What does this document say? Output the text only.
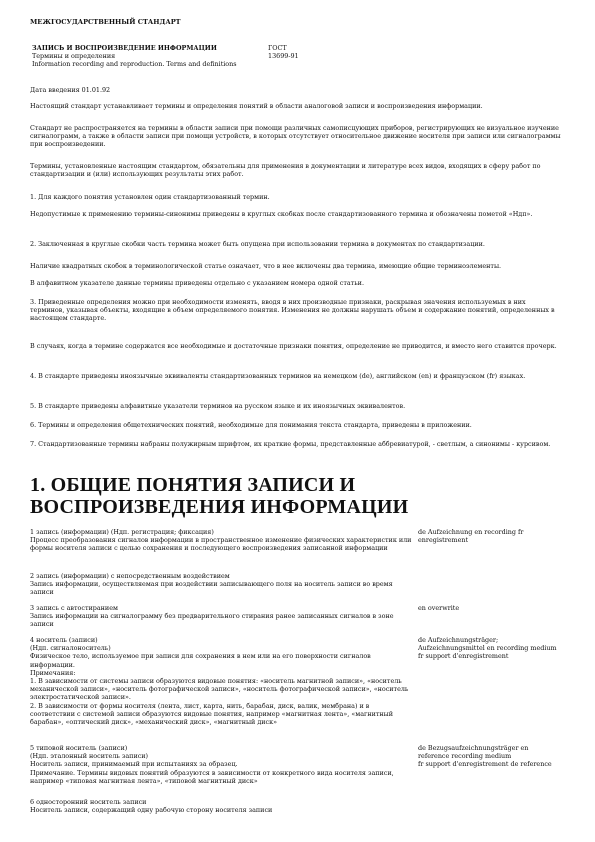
МЕЖГОСУДАРСТВЕННЫЙ СТАНДАРТ
ЗАПИСЬ И ВОСПРОИЗВЕДЕНИЕ ИНФОРМАЦИИ
Термины и определения
Information recording and reproduction. Terms and definitions
ГОСТ
13699-91
Дата введения 01.01.92
Настоящий стандарт устанавливает термины и определения понятий в области аналоговой записи и воспроизведения информации.
Стандарт не распространяется на термины в области записи при помощи различных самописцующих приборов, регистрирующих не визуальное изучение сигналограмм, а также в области записи при помощи устройств, в которых отсутствует относительное движение носителя при записи или сигналограммы при воспроизведении.
Термины, установленные настоящим стандартом, обязательны для применения в документации и литературе всех видов, входящих в сферу работ по стандартизации и (или) использующих результаты этих работ.
1. Для каждого понятия установлен один стандартизованный термин.
Недопустимые к применению термины-синонимы приведены в круглых скобках после стандартизованного термина и обозначены пометой «Ндп».
2. Заключенная в круглые скобки часть термина может быть опущена при использовании термина в документах по стандартизации.
Наличие квадратных скобок в терминологической статье означает, что в нее включены два термина, имеющие общие терминоэлементы.
В алфавитном указателе данные термины приведены отдельно с указанием номера одной статьи.
3. Приведенные определения можно при необходимости изменять, вводя в них производные признаки, раскрывая значения используемых в них терминов, указывая объекты, входящие в объем определяемого понятия. Изменения не должны нарушать объем и содержание понятий, определенных в настоящем стандарте.
В случаях, когда в термине содержатся все необходимые и достаточные признаки понятия, определение не приводится, и вместо него ставится прочерк.
4. В стандарте приведены иноязычные эквиваленты стандартизованных терминов на немецком (de), английском (en) и французском (fr) языках.
5. В стандарте приведены алфавитные указатели терминов на русском языке и их иноязычных эквивалентов.
6. Термины и определения общетехнических понятий, необходимые для понимания текста стандарта, приведены в приложении.
7. Стандартизованные термины набраны полужирным шрифтом, их краткие формы, представленные аббревиатурой, - светлым, а синонимы - курсивом.
1. ОБЩИЕ ПОНЯТИЯ ЗАПИСИ И ВОСПРОИЗВЕДЕНИЯ ИНФОРМАЦИИ
1 запись (информации) (Ндп. регистрация; фиксация)
Процесс преобразования сигналов информации в пространственное изменение физических характеристик или формы носителя записи с целью сохранения и последующего воспроизведения записанной информации
de Aufzeichnung en recording fr enregistrement
2 запись (информации) с непосредственным воздействием
Запись информации, осуществляемая при воздействии записывающего поля на носитель записи во время записи
3 запись с автостиранием
Запись информации на сигналограмму без предварительного стирания ранее записанных сигналов в зоне записи
en overwrite
4 носитель (записи)
(Ндп. сигналоноситель)
Физическое тело, используемое при записи для сохранения в нем или на его поверхности сигналов информации.
Примечания:
1. В зависимости от системы записи образуются видовые понятия: «носитель магнитной записи», «носитель механической записи», «носитель фотографической записи», «носитель фотографической записи», «носитель электростатической записи».
2. В зависимости от формы носителя (лента, лист, карта, нить, барабан, диск, валик, мембрана) и в соответствии с системой записи образуются видовые понятия, например «магнитная лента», «магнитный барабан», «оптический диск», «механический диск», «магнитный диск»
de Aufzeichnungsträger;
Aufzeichnungsmittel en recording medium fr support d'enregistrement
5 типовой носитель (записи)
(Ндп. эталонный носитель записи)
Носитель записи, принимаемый при испытаниях за образец.
Примечание. Термины видовых понятий образуются в зависимости от конкретного вида носителя записи, например «типовая магнитная лента», «типовой магнитный диск»
de Bezugsaufzeichnungsträger en reference recording medium
fr support d'enregistrement de reference
6 односторонний носитель записи
Носитель записи, содержащий одну рабочую сторону носителя записи
